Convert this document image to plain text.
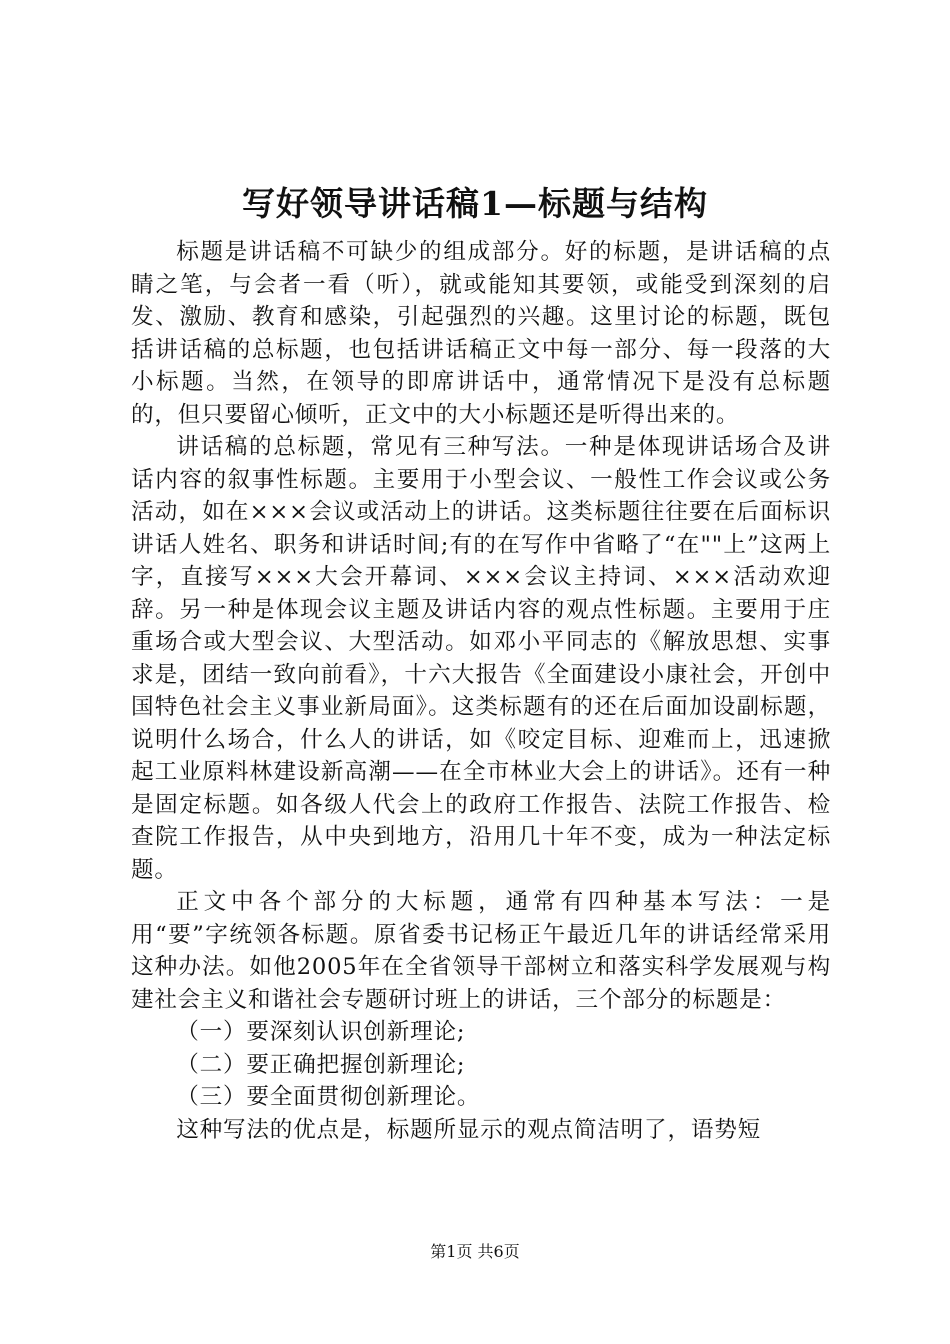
写好领导讲话稿1—标题与结构

标题是讲话稿不可缺少的组成部分。好的标题，是讲话稿的点睛之笔，与会者一看（听），就或能知其要领，或能受到深刻的启发、激励、教育和感染，引起强烈的兴趣。这里讨论的标题，既包括讲话稿的总标题，也包括讲话稿正文中每一部分、每一段落的大小标题。当然，在领导的即席讲话中，通常情况下是没有总标题的，但只要留心倾听，正文中的大小标题还是听得出来的。

讲话稿的总标题，常见有三种写法。一种是体现讲话场合及讲话内容的叙事性标题。主要用于小型会议、一般性工作会议或公务活动，如在×××会议或活动上的讲话。这类标题往往要在后面标识讲话人姓名、职务和讲话时间;有的在写作中省略了“在""上”这两上字，直接写×××大会开幕词、×××会议主持词、×××活动欢迎辞。另一种是体现会议主题及讲话内容的观点性标题。主要用于庄重场合或大型会议、大型活动。如邓小平同志的《解放思想、实事求是，团结一致向前看》，十六大报告《全面建设小康社会，开创中国特色社会主义事业新局面》。这类标题有的还在后面加设副标题，说明什么场合，什么人的讲话，如《咬定目标、迎难而上，迅速掀起工业原料林建设新高潮——在全市林业大会上的讲话》。还有一种是固定标题。如各级人代会上的政府工作报告、法院工作报告、检查院工作报告，从中央到地方，沿用几十年不变，成为一种法定标题。

正文中各个部分的大标题，通常有四种基本写法：一是用“要”字统领各标题。原省委书记杨正午最近几年的讲话经常采用这种办法。如他2005年在全省领导干部树立和落实科学发展观与构建社会主义和谐社会专题研讨班上的讲话，三个部分的标题是：

（一）要深刻认识创新理论;

（二）要正确把握创新理论;

（三）要全面贯彻创新理论。

这种写法的优点是，标题所显示的观点简洁明了，语势短

第1页 共6页
